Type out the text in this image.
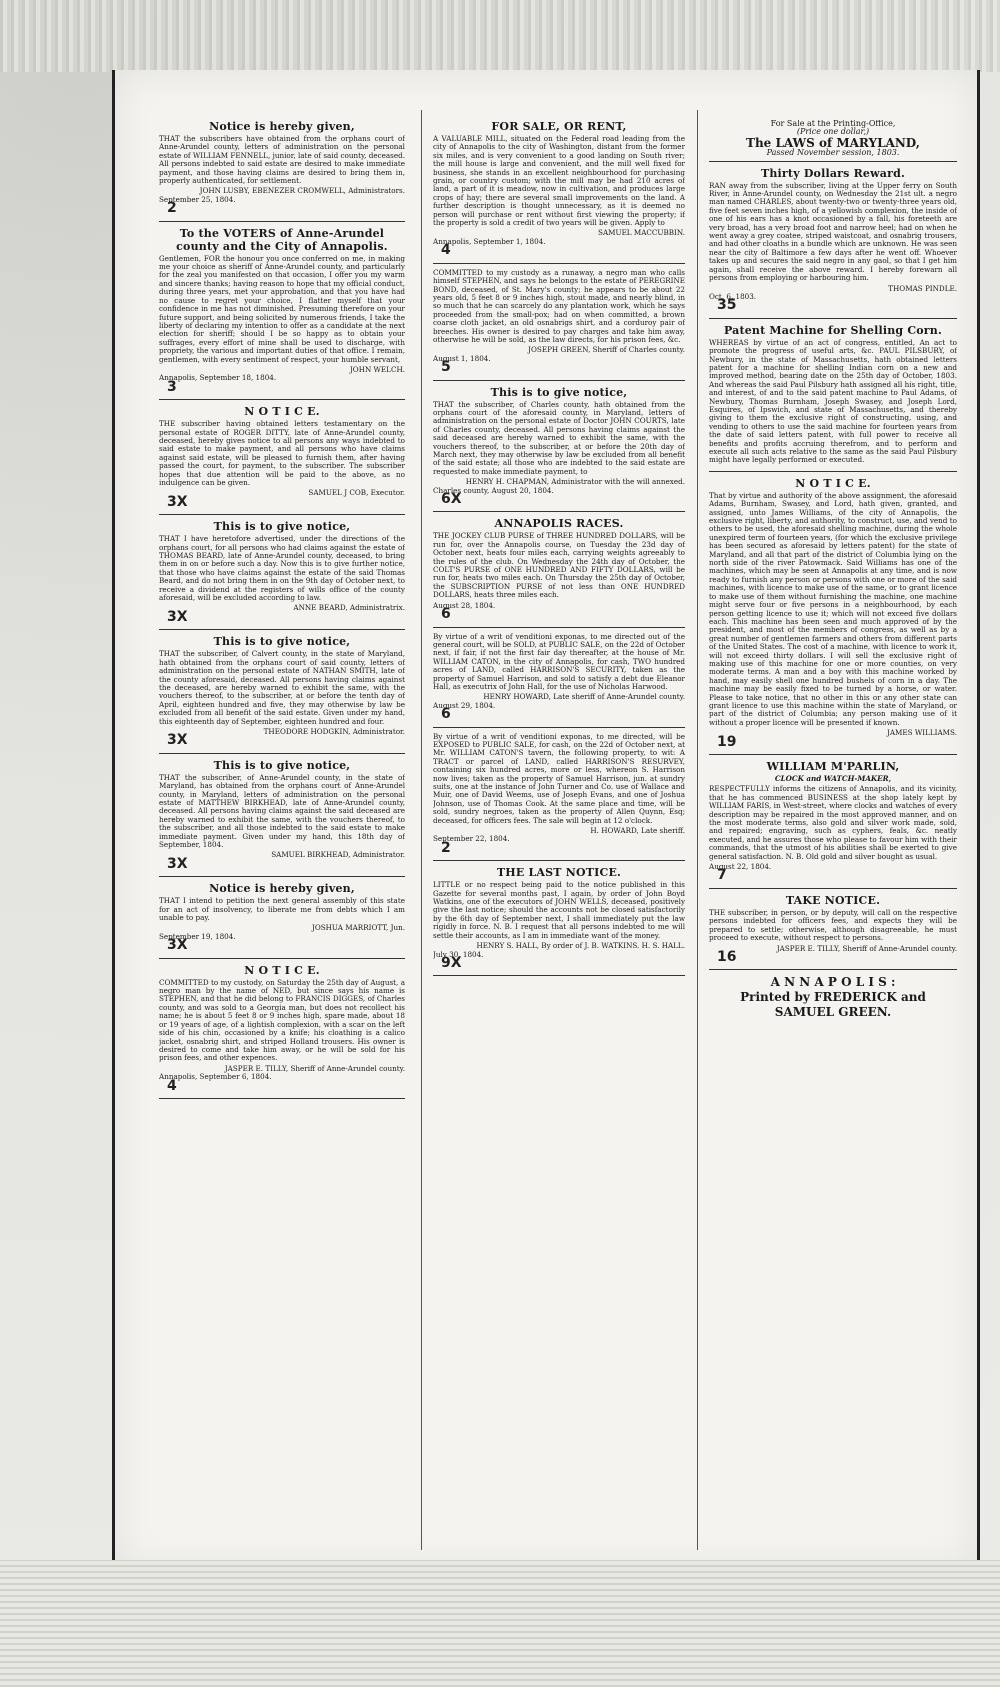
Notice is hereby given,

THAT the subscribers have obtained from the orphans court of Anne-Arundel county, letters of administration on the personal estate of WILLIAM FENNELL, junior, late of said county, deceased. All persons indebted to said estate are desired to make immediate payment, and those having claims are desired to bring them in, properly authenticated, for settlement.

JOHN LUSBY, EBENEZER CROMWELL, Administrators.

September 25, 1804.

2
To the VOTERS of Anne-Arundel county and the City of Annapolis.

Gentlemen, FOR the honour you once conferred on me, in making me your choice as sheriff of Anne-Arundel county, and particularly for the zeal you manifested on that occasion, I offer you my warm and sincere thanks; having reason to hope that my official conduct, during three years, met your approbation, and that you have had no cause to regret your choice, I flatter myself that your confidence in me has not diminished. Presuming therefore on your future support, and being solicited by numerous friends, I take the liberty of declaring my intention to offer as a candidate at the next election for sheriff; should I be so happy as to obtain your suffrages, every effort of mine shall be used to discharge, with propriety, the various and important duties of that office. I remain, gentlemen, with every sentiment of respect, your humble servant,

JOHN WELCH.

Annapolis, September 18, 1804.

3
N O T I C E.

THE subscriber having obtained letters testamentary on the personal estate of ROGER DITTY, late of Anne-Arundel county, deceased, hereby gives notice to all persons any ways indebted to said estate to make payment, and all persons who have claims against said estate, will be pleased to furnish them, after having passed the court, for payment, to the subscriber. The subscriber hopes that due attention will be paid to the above, as no indulgence can be given.

SAMUEL J COB, Executor.

3X
This is to give notice,

THAT I have heretofore advertised, under the directions of the orphans court, for all persons who had claims against the estate of THOMAS BEARD, late of Anne-Arundel county, deceased, to bring them in on or before such a day. Now this is to give further notice, that those who have claims against the estate of the said Thomas Beard, and do not bring them in on the 9th day of October next, to receive a dividend at the registers of wills office of the county aforesaid, will be excluded according to law.

ANNE BEARD, Administratrix.

3X
This is to give notice,

THAT the subscriber, of Calvert county, in the state of Maryland, hath obtained from the orphans court of said county, letters of administration on the personal estate of NATHAN SMITH, late of the county aforesaid, deceased. All persons having claims against the deceased, are hereby warned to exhibit the same, with the vouchers thereof, to the subscriber, at or before the tenth day of April, eighteen hundred and five, they may otherwise by law be excluded from all benefit of the said estate. Given under my hand, this eighteenth day of September, eighteen hundred and four.

THEODORE HODGKIN, Administrator.

3X
This is to give notice,

THAT the subscriber, of Anne-Arundel county, in the state of Maryland, has obtained from the orphans court of Anne-Arundel county, in Maryland, letters of administration on the personal estate of MATTHEW BIRKHEAD, late of Anne-Arundel county, deceased. All persons having claims against the said deceased are hereby warned to exhibit the same, with the vouchers thereof, to the subscriber, and all those indebted to the said estate to make immediate payment. Given under my hand, this 18th day of September, 1804.

SAMUEL BIRKHEAD, Administrator.

3X
Notice is hereby given,

THAT I intend to petition the next general assembly of this state for an act of insolvency, to liberate me from debts which I am unable to pay.

JOSHUA MARRIOTT, Jun.

September 19, 1804.

3X
N O T I C E.

COMMITTED to my custody, on Saturday the 25th day of August, a negro man by the name of NED, but since says his name is STEPHEN, and that he did belong to FRANCIS DIGGES, of Charles county, and was sold to a Georgia man, but does not recollect his name; he is about 5 feet 8 or 9 inches high, spare made, about 18 or 19 years of age, of a lightish complexion, with a scar on the left side of his chin, occasioned by a knife; his cloathing is a calico jacket, osnabrig shirt, and striped Holland trousers. His owner is desired to come and take him away, or he will be sold for his prison fees, and other expences.

JASPER E. TILLY, Sheriff of Anne-Arundel county.

Annapolis, September 6, 1804.

4
FOR SALE, OR RENT,

A VALUABLE MILL, situated on the Federal road leading from the city of Annapolis to the city of Washington, distant from the former six miles, and is very convenient to a good landing on South river; the mill house is large and convenient, and the mill well fixed for business, she stands in an excellent neighbourhood for purchasing grain, or country custom; with the mill may be had 210 acres of land, a part of it is meadow, now in cultivation, and produces large crops of hay; there are several small improvements on the land. A further description is thought unnecessary, as it is deemed no person will purchase or rent without first viewing the property; if the property is sold a credit of two years will be given. Apply to

SAMUEL MACCUBBIN.

Annapolis, September 1, 1804.

4

COMMITTED to my custody as a runaway, a negro man who calls himself STEPHEN, and says he belongs to the estate of PEREGRINE BOND, deceased, of St. Mary's county; he appears to be about 22 years old, 5 feet 8 or 9 inches high, stout made, and nearly blind, in so much that he can scarcely do any plantation work, which he says proceeded from the small-pox; had on when committed, a brown coarse cloth jacket, an old osnabrigs shirt, and a corduroy pair of breeches. His owner is desired to pay charges and take him away, otherwise he will be sold, as the law directs, for his prison fees, &c.

JOSEPH GREEN, Sheriff of Charles county.

August 1, 1804.

5
This is to give notice,

THAT the subscriber, of Charles county, hath obtained from the orphans court of the aforesaid county, in Maryland, letters of administration on the personal estate of Doctor JOHN COURTS, late of Charles county, deceased. All persons having claims against the said deceased are hereby warned to exhibit the same, with the vouchers thereof, to the subscriber, at or before the 20th day of March next, they may otherwise by law be excluded from all benefit of the said estate; all those who are indebted to the said estate are requested to make immediate payment, to

HENRY H. CHAPMAN, Administrator with the will annexed.

Charles county, August 20, 1804.

6X
ANNAPOLIS RACES.

THE JOCKEY CLUB PURSE of THREE HUNDRED DOLLARS, will be run for, over the Annapolis course, on Tuesday the 23d day of October next, heats four miles each, carrying weights agreeably to the rules of the club. On Wednesday the 24th day of October, the COLT'S PURSE of ONE HUNDRED AND FIFTY DOLLARS, will be run for, heats two miles each. On Thursday the 25th day of October, the SUBSCRIPTION PURSE of not less than ONE HUNDRED DOLLARS, heats three miles each.

August 28, 1804.

6

By virtue of a writ of venditioni exponas, to me directed out of the general court, will be SOLD, at PUBLIC SALE, on the 22d of October next, if fair, if not the first fair day thereafter, at the house of Mr. WILLIAM CATON, in the city of Annapolis, for cash, TWO hundred acres of LAND, called HARRISON'S SECURITY, taken as the property of Samuel Harrison, and sold to satisfy a debt due Eleanor Hall, as executrix of John Hall, for the use of Nicholas Harwood.

HENRY HOWARD, Late sheriff of Anne-Arundel county.

August 29, 1804.

6

By virtue of a writ of venditioni exponas, to me directed, will be EXPOSED to PUBLIC SALE, for cash, on the 22d of October next, at Mr. WILLIAM CATON'S tavern, the following property, to wit: A TRACT or parcel of LAND, called HARRISON'S RESURVEY, containing six hundred acres, more or less, whereon S. Harrison now lives; taken as the property of Samuel Harrison, jun. at sundry suits, one at the instance of John Turner and Co. use of Wallace and Muir, one of David Weems, use of Joseph Evans, and one of Joshua Johnson, use of Thomas Cook. At the same place and time, will be sold, sundry negroes, taken as the property of Allen Quynn, Esq; deceased, for officers fees. The sale will begin at 12 o'clock.

H. HOWARD, Late sheriff.

September 22, 1804.

2
THE LAST NOTICE.

LITTLE or no respect being paid to the notice published in this Gazette for several months past, I again, by order of John Boyd Watkins, one of the executors of JOHN WELLS, deceased, positively give the last notice; should the accounts not be closed satisfactorily by the 6th day of September next, I shall immediately put the law rigidly in force. N. B. I request that all persons indebted to me will settle their accounts, as I am in immediate want of the money.

HENRY S. HALL, By order of J. B. WATKINS. H. S. HALL.

July 30, 1804.

9X

For Sale at the Printing-Office,

(Price one dollar,)

The LAWS of MARYLAND,

Passed November session, 1803.

Thirty Dollars Reward.

RAN away from the subscriber, living at the Upper ferry on South River, in Anne-Arundel county, on Wednesday the 21st ult. a negro man named CHARLES, about twenty-two or twenty-three years old, five feet seven inches high, of a yellowish complexion, the inside of one of his ears has a knot occasioned by a fall, his foreteeth are very broad, has a very broad foot and narrow heel; had on when he went away a grey coatee, striped waistcoat, and osnabrig trousers, and had other cloaths in a bundle which are unknown. He was seen near the city of Baltimore a few days after he went off. Whoever takes up and secures the said negro in any gaol, so that I get him again, shall receive the above reward. I hereby forewarn all persons from employing or harbouring him.

THOMAS PINDLE.

Oct. 6, 1803.

35
Patent Machine for Shelling Corn.

WHEREAS by virtue of an act of congress, entitled, An act to promote the progress of useful arts, &c. PAUL PILSBURY, of Newbury, in the state of Massachusetts, hath obtained letters patent for a machine for shelling Indian corn on a new and improved method, bearing date on the 25th day of October, 1803. And whereas the said Paul Pilsbury hath assigned all his right, title, and interest, of and to the said patent machine to Paul Adams, of Newbury, Thomas Burnham, Joseph Swasey, and Joseph Lord, Esquires, of Ipswich, and state of Massachusetts, and thereby giving to them the exclusive right of constructing, using, and vending to others to use the said machine for fourteen years from the date of said letters patent, with full power to receive all benefits and profits accruing therefrom, and to perform and execute all such acts relative to the same as the said Paul Pilsbury might have legally performed or executed.

N O T I C E.

That by virtue and authority of the above assignment, the aforesaid Adams, Burnham, Swasey, and Lord, hath given, granted, and assigned, unto James Williams, of the city of Annapolis, the exclusive right, liberty, and authority, to construct, use, and vend to others to be used, the aforesaid shelling machine, during the whole unexpired term of fourteen years, (for which the exclusive privilege has been secured as aforesaid by letters patent) for the state of Maryland, and all that part of the district of Columbia lying on the north side of the river Patowmack. Said Williams has one of the machines, which may be seen at Annapolis at any time, and is now ready to furnish any person or persons with one or more of the said machines, with licence to make use of the same, or to grant licence to make use of them without furnishing the machine, one machine might serve four or five persons in a neighbourhood, by each person getting licence to use it; which will not exceed five dollars each. This machine has been seen and much approved of by the president, and most of the members of congress, as well as by a great number of gentlemen farmers and others from different parts of the United States. The cost of a machine, with licence to work it, will not exceed thirty dollars. I will sell the exclusive right of making use of this machine for one or more counties, on very moderate terms. A man and a boy with this machine worked by hand, may easily shell one hundred bushels of corn in a day. The machine may be easily fixed to be turned by a horse, or water. Please to take notice, that no other in this or any other state can grant licence to use this machine within the state of Maryland, or part of the district of Columbia; any person making use of it without a proper licence will be presented if known.

JAMES WILLIAMS.

19
WILLIAM M'PARLIN,

CLOCK and WATCH-MAKER,

RESPECTFULLY informs the citizens of Annapolis, and its vicinity, that he has commenced BUSINESS at the shop lately kept by WILLIAM FARIS, in West-street, where clocks and watches of every description may be repaired in the most approved manner, and on the most moderate terms, also gold and silver work made, sold, and repaired; engraving, such as cyphers, feals, &c. neatly executed, and he assures those who please to favour him with their commands, that the utmost of his abilities shall be exerted to give general satisfaction. N. B. Old gold and silver bought as usual.

August 22, 1804.

7
TAKE NOTICE.

THE subscriber, in person, or by deputy, will call on the respective persons indebted for officers fees, and expects they will be prepared to settle; otherwise, although disagreeable, he must proceed to execute, without respect to persons.

JASPER E. TILLY, Sheriff of Anne-Arundel county.

16
A N N A P O L I S :
Printed by FREDERICK and SAMUEL GREEN.
